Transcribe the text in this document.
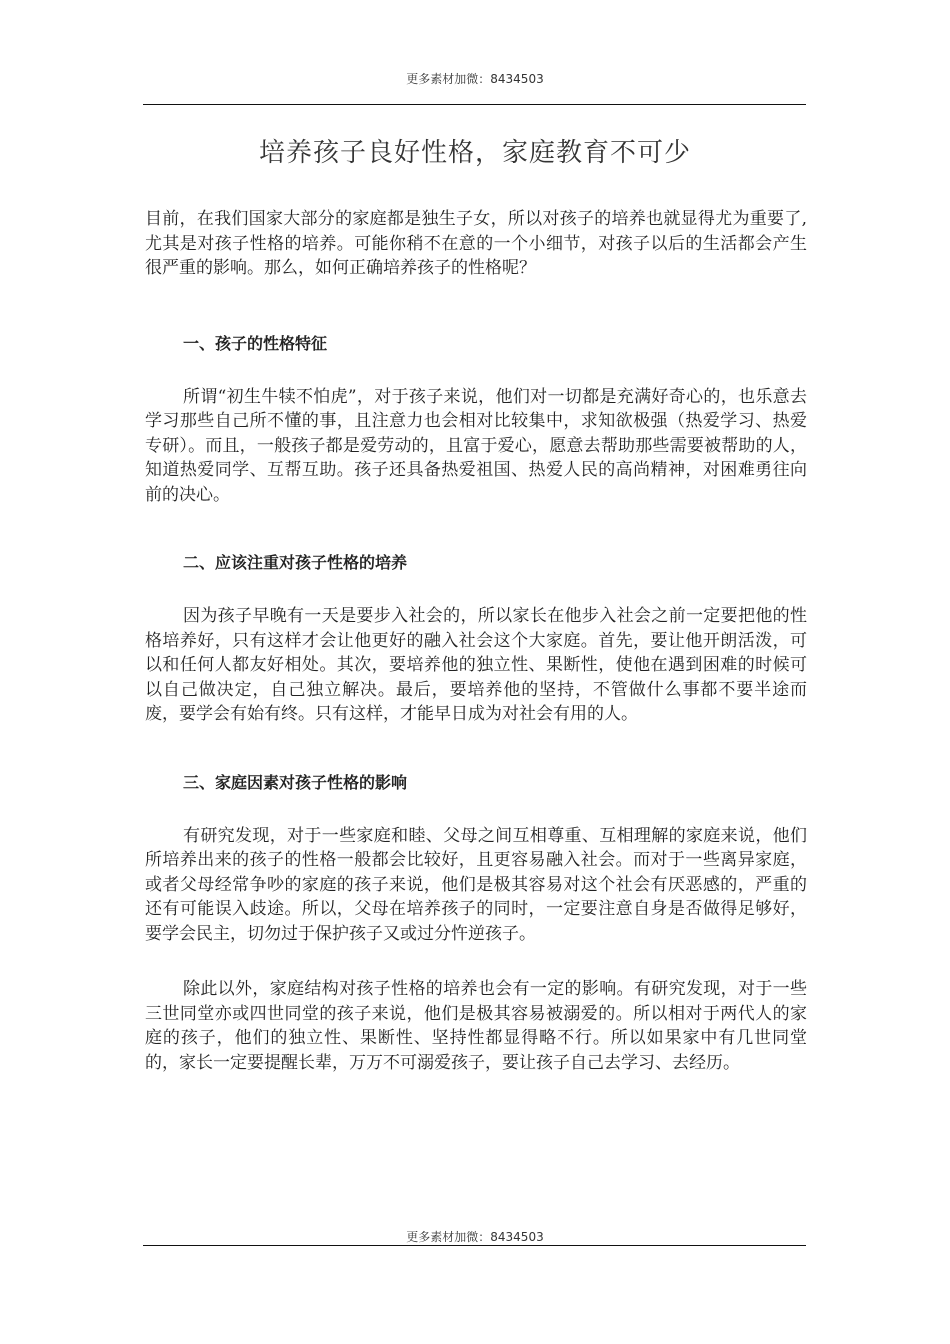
更多素材加微：8434503
培养孩子良好性格，家庭教育不可少

目前，在我们国家大部分的家庭都是独生子女，所以对孩子的培养也就显得尤为重要了,尤其是对孩子性格的培养。可能你稍不在意的一个小细节，对孩子以后的生活都会产生很严重的影响。那么，如何正确培养孩子的性格呢？

一、孩子的性格特征

所谓“初生牛犊不怕虎”，对于孩子来说，他们对一切都是充满好奇心的，也乐意去学习那些自己所不懂的事，且注意力也会相对比较集中，求知欲极强（热爱学习、热爱专研）。而且，一般孩子都是爱劳动的，且富于爱心，愿意去帮助那些需要被帮助的人，知道热爱同学、互帮互助。孩子还具备热爱祖国、热爱人民的高尚精神，对困难勇往向前的决心。

二、应该注重对孩子性格的培养

因为孩子早晚有一天是要步入社会的，所以家长在他步入社会之前一定要把他的性格培养好，只有这样才会让他更好的融入社会这个大家庭。首先，要让他开朗活泼，可以和任何人都友好相处。其次，要培养他的独立性、果断性，使他在遇到困难的时候可以自己做决定，自己独立解决。最后，要培养他的坚持，不管做什么事都不要半途而废，要学会有始有终。只有这样，才能早日成为对社会有用的人。

三、家庭因素对孩子性格的影响

有研究发现，对于一些家庭和睦、父母之间互相尊重、互相理解的家庭来说，他们所培养出来的孩子的性格一般都会比较好，且更容易融入社会。而对于一些离异家庭，或者父母经常争吵的家庭的孩子来说，他们是极其容易对这个社会有厌恶感的，严重的还有可能误入歧途。所以，父母在培养孩子的同时，一定要注意自身是否做得足够好，要学会民主，切勿过于保护孩子又或过分忤逆孩子。

除此以外，家庭结构对孩子性格的培养也会有一定的影响。有研究发现，对于一些三世同堂亦或四世同堂的孩子来说，他们是极其容易被溺爱的。所以相对于两代人的家庭的孩子，他们的独立性、果断性、坚持性都显得略不行。所以如果家中有几世同堂的，家长一定要提醒长辈，万万不可溺爱孩子，要让孩子自己去学习、去经历。

更多素材加微：8434503
